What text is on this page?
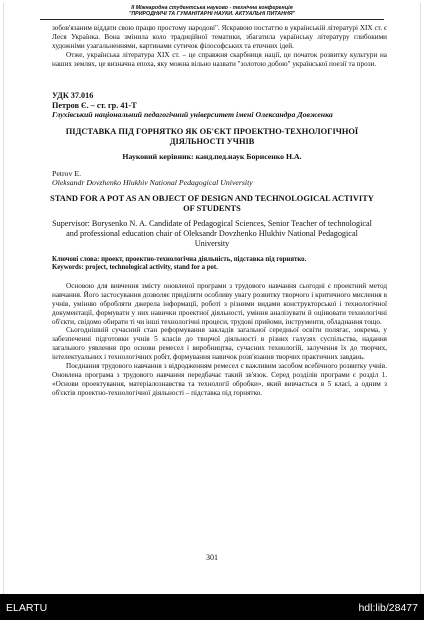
II Міжнародна студентська науково - технічна конференція
"ПРИРОДНИЧІ ТА ГУМАНІТАРНІ НАУКИ. АКТУАЛЬНІ ПИТАННЯ"
зобов'язаним віддати свою працю простому народові". Яскравою постаттю в українській літературі ХІХ ст. є Леся Українка. Вона змінила коло традиційної тематики, збагатила українську літературу глибокими художніми узагальненнями, картинами сутичок філософських та етичних ідей.
Отже, українська література ХІХ ст. – це справжня скарбниця нації, це початок розвитку культури на наших землях, це визначна епоха, яку можна вільно назвати "золотою добою" української поезії та прози.
УДК 37.016
Петров Є. – ст. гр. 41-Т
Глухівський національний педагогічний університет імені Олександра Довженка
ПІДСТАВКА ПІД ГОРНЯТКО ЯК ОБ'ЄКТ ПРОЕКТНО-ТЕХНОЛОГІЧНОЇ ДІЯЛЬНОСТІ УЧНІВ
Науковий керівник: канд.пед.наук Борисенко Н.А.
Petrov E.
Oleksandr Dovzhenko Hlukhiv National Pedagogical University
STAND FOR A POT AS AN OBJECT OF DESIGN AND TECHNOLOGICAL ACTIVITY OF STUDENTS
Supervisor: Borysenko N. A. Candidate of Pedagogical Sciences, Senior Teacher of technological and professional education chair of Oleksandr Dovzhenko Hlukhiv National Pedagogical University
Ключові слова: проект, проектно-технологічна діяльність, підставка під горнятко.
Keywords: project, technological activity, stand for a pot.
Основою для вивчення змісту оновленої програми з трудового навчання сьогодні є проектний метод навчання. Його застосування дозволяє приділяти особливу увагу розвитку творчого і критичного мислення в учнів, умінню обробляти джерела інформації, роботі з різними видами конструкторської і технологічної документації, формувати у них навички проектної діяльності, уміння аналізувати й оцінювати технологічні об'єкти, свідомо обирати ті чи інші технологічні процеси, трудові прийоми, інструменти, обладнання тощо.
Сьогоднішній сучасний стан реформування закладів загальної середньої освіти полягає, зокрема, у забезпеченні підготовки учнів 5 класів до творчої діяльності в різних галузях суспільства, надання загального уявлення про основи ремесел і виробництва, сучасних технологій, залучення їх до творчих, інтелектуальних і технологічних робіт, формування навичок розв'язання творчих практичних завдань.
Поєднання трудового навчання з відродженням ремесел є важливим засобом всебічного розвитку учнів. Оновлена програма з трудового навчання передбачає такий зв'язок. Серед розділів програми є розділ 1. «Основи проектування, матеріалознавства та технології обробки», який вивчається в 5 класі, а одним з об'єктів проектно-технологічної діяльності – підставка під горнятко.
301
ELARTU	hdl:lib/28477
